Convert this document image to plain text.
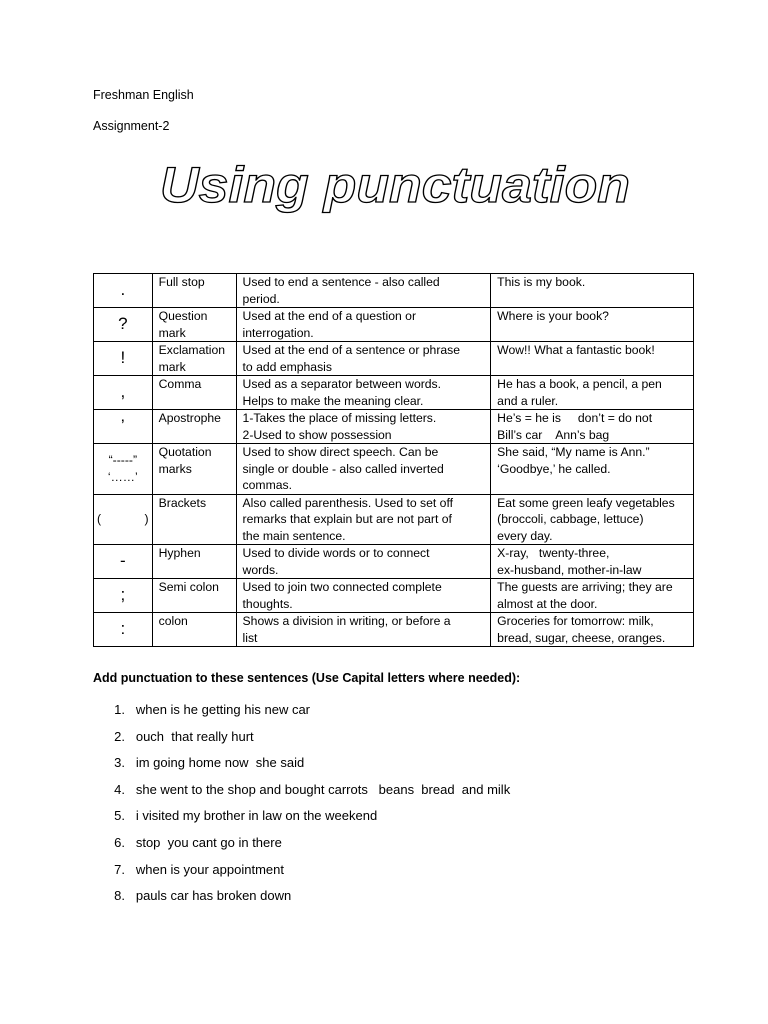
Freshman English
Assignment-2
Using punctuation
.	Full stop	Used to end a sentence - also called
period.	This is my book.

?	Question mark	Used at the end of a question or
interrogation.	Where is your book?

!	Exclamation mark	Used at the end of a sentence or phrase
to add emphasis	Wow!! What a fantastic book!

,	Comma	Used as a separator between words.
Helps to make the meaning clear.	He has a book, a pencil, a pen
and a ruler.

’	Apostrophe	1-Takes the place of missing letters.
2-Used to show possession	He’s = he is     don’t = do not
Bill’s car    Ann’s bag

“-----” ‘……’	Quotation marks	Used to show direct speech. Can be
single or double - also called inverted
commas.	She said, “My name is Ann.”
‘Goodbye,’ he called.

( )	Brackets	Also called parenthesis. Used to set off
remarks that explain but are not part of
the main sentence.	Eat some green leafy vegetables
(broccoli, cabbage, lettuce)
every day.

-	Hyphen	Used to divide words or to connect
words.	X-ray,   twenty-three,
ex-husband, mother-in-law

;	Semi colon	Used to join two connected complete
thoughts.	The guests are arriving; they are
almost at the door.

:	colon	Shows a division in writing, or before a
list	Groceries for tomorrow: milk,
bread, sugar, cheese, oranges.
Add punctuation to these sentences (Use Capital letters where needed):
1. when is he getting his new car
2. ouch  that really hurt
3. im going home now  she said
4. she went to the shop and bought carrots   beans  bread  and milk
5. i visited my brother in law on the weekend
6. stop  you cant go in there
7. when is your appointment
8. pauls car has broken down
